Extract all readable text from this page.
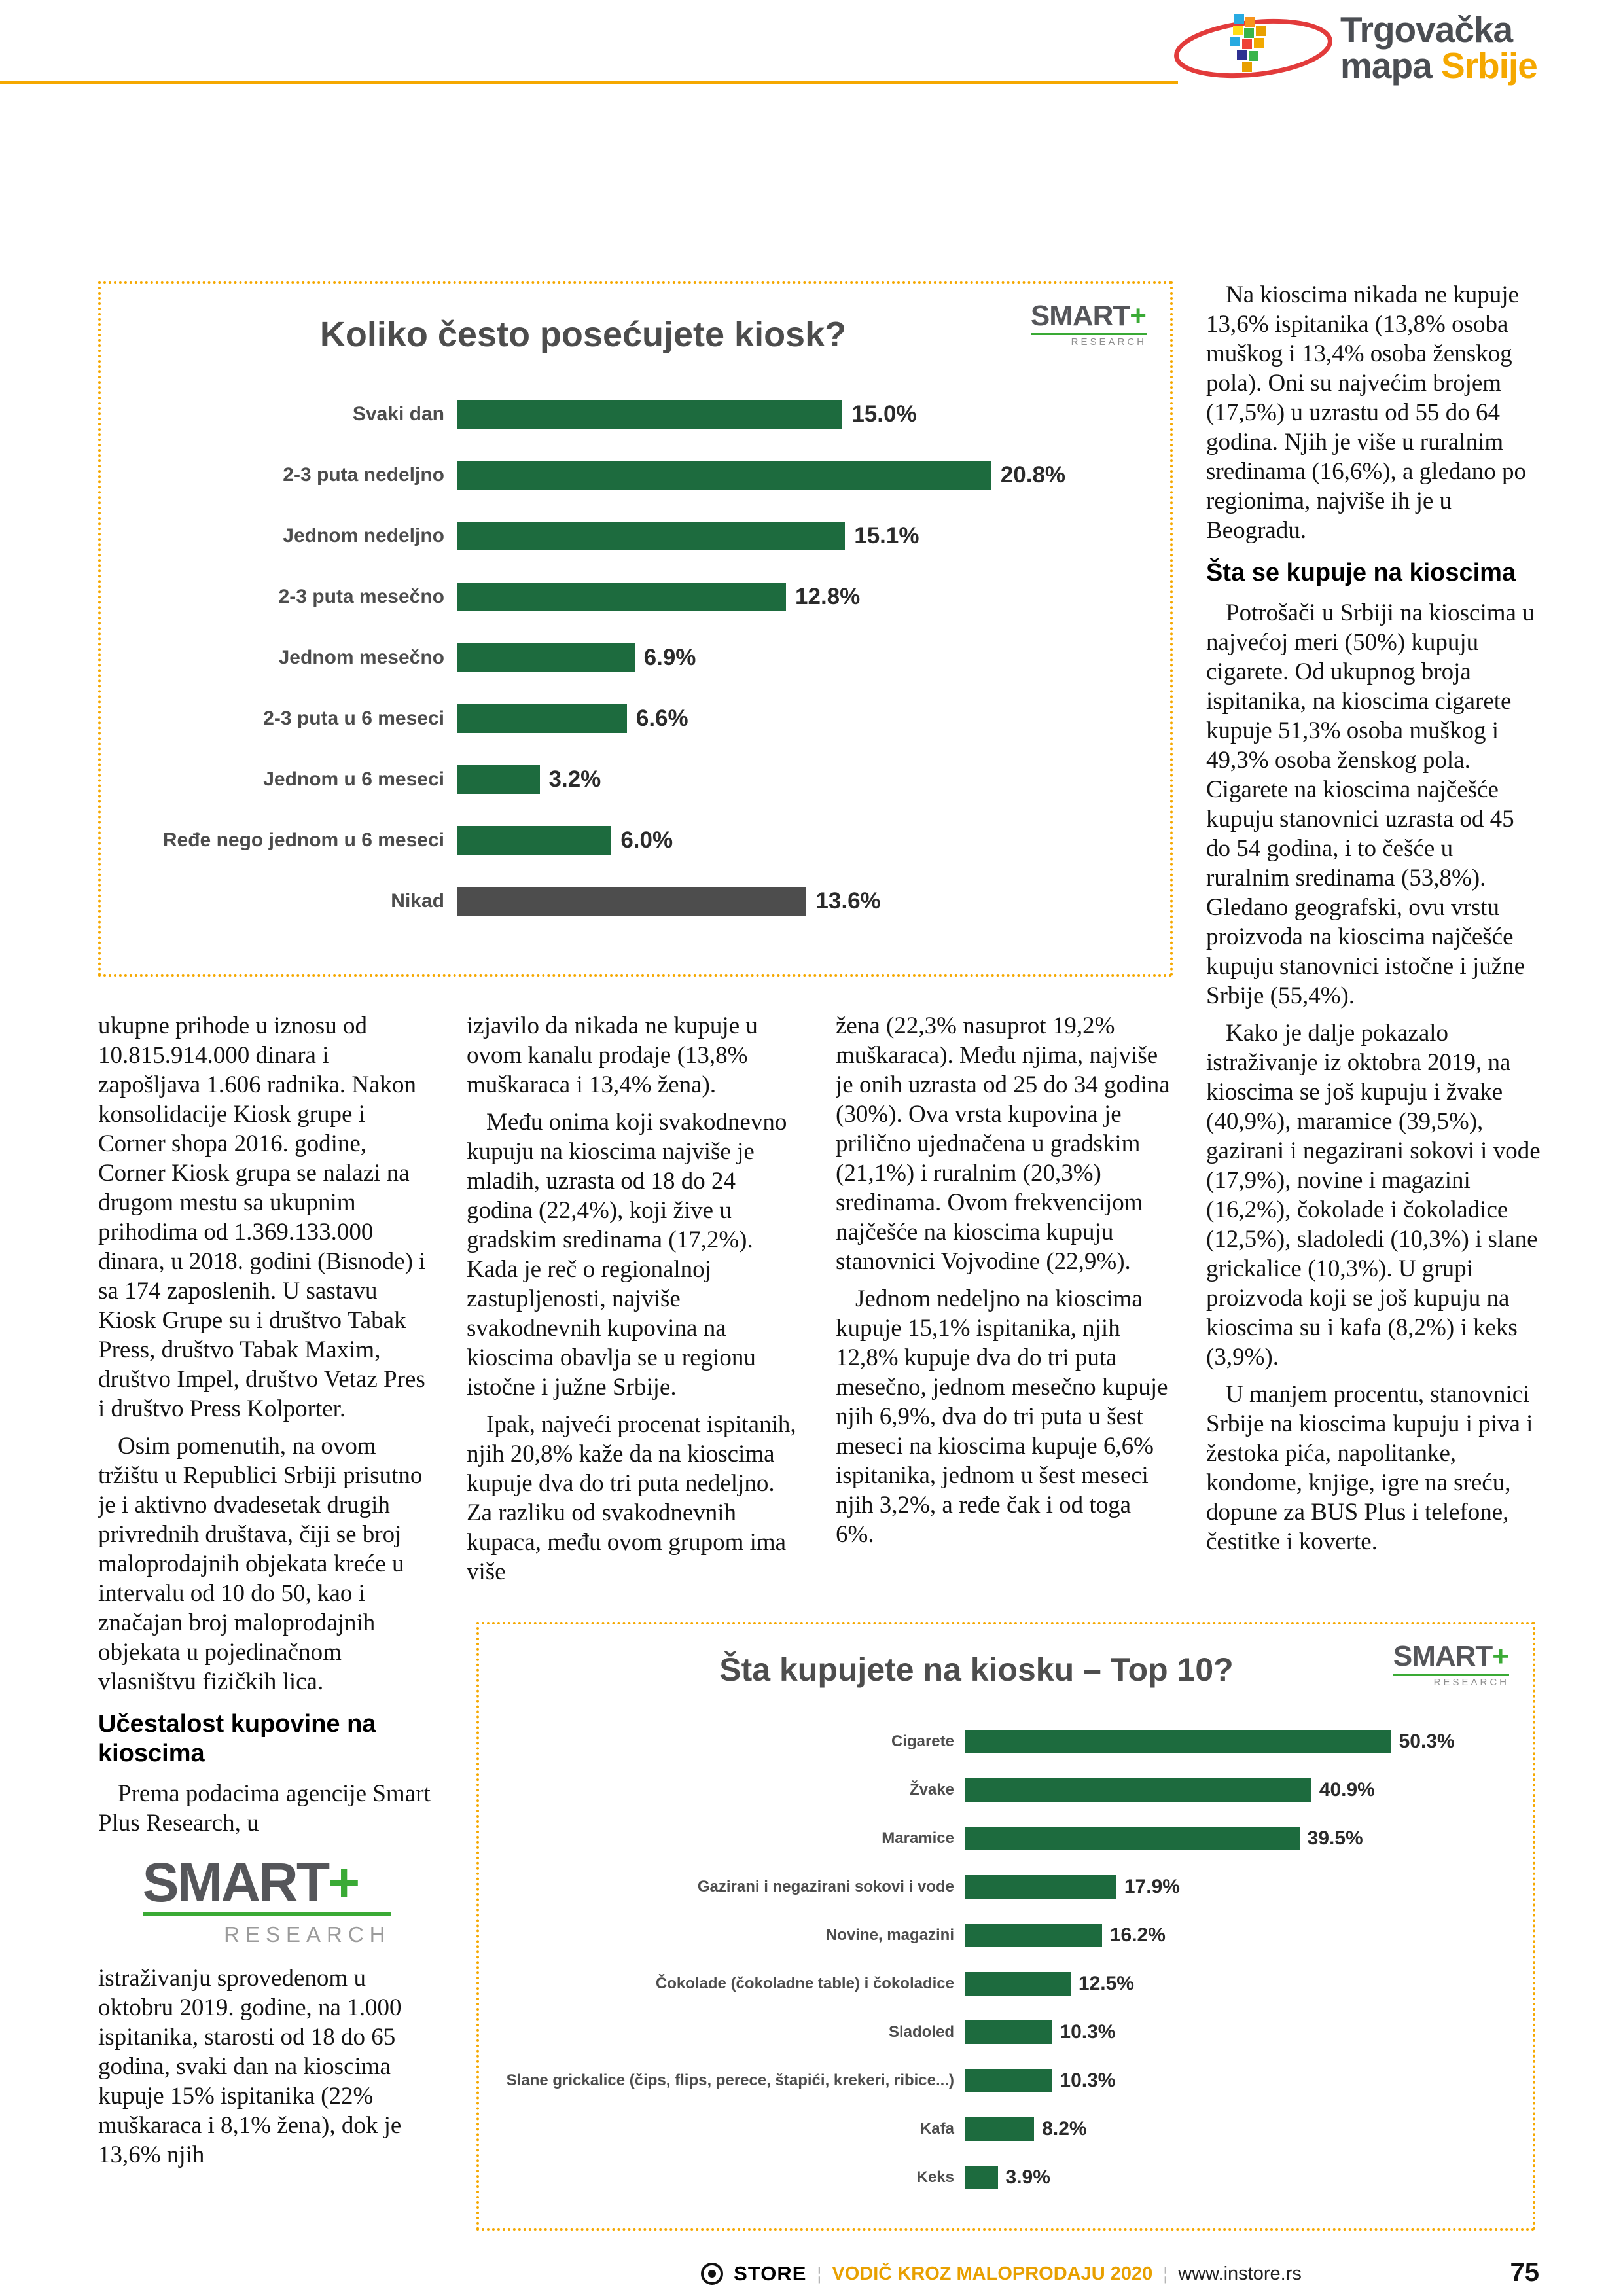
Trgovačka
mapa Srbije
SMART+
RESEARCH
Koliko često posećujete kiosk?
Svaki dan	15.0%
2-3 puta nedeljno	20.8%
Jednom nedeljno	15.1%
2-3 puta mesečno	12.8%
Jednom mesečno	6.9%
2-3 puta u 6 meseci	6.6%
Jednom u 6 meseci	3.2%
Ređe nego jednom u 6 meseci	6.0%
Nikad	13.6%

Na kioscima nikada ne kupuje 13,6% ispitanika (13,8% osoba muškog i 13,4% osoba ženskog pola). Oni su najvećim brojem (17,5%) u uzrastu od 55 do 64 godina. Njih je više u ruralnim sredinama (16,6%), a gledano po regionima, najviše ih je u Beogradu.

Šta se kupuje na kioscima

Potrošači u Srbiji na kioscima u najvećoj meri (50%) kupuju cigarete. Od ukupnog broja ispitanika, na kioscima cigarete kupuje 51,3% osoba muškog i 49,3% osoba ženskog pola. Cigarete na kioscima najčešće kupuju stanovnici uzrasta od 45 do 54 godina, i to češće u ruralnim sredinama (53,8%). Gledano geografski, ovu vrstu proizvoda na kioscima najčešće kupuju stanovnici istočne i južne Srbije (55,4%).

Kako je dalje pokazalo istraživanje iz oktobra 2019, na kioscima se još kupuju i žvake (40,9%), maramice (39,5%), gazirani i negazirani sokovi i vode (17,9%), novine i magazini (16,2%), čokolade i čokoladice (12,5%), sladoledi (10,3%) i slane grickalice (10,3%). U grupi proizvoda koji se još kupuju na kioscima su i kafa (8,2%) i keks (3,9%).

U manjem procentu, stanovnici Srbije na kioscima kupuju i piva i žestoka pića, napolitanke, kondome, knjige, igre na sreću, dopune za BUS Plus i telefone, čestitke i koverte.

ukupne prihode u iznosu od 10.815.914.000 dinara i zapošljava 1.606 radnika. Nakon konsolidacije Kiosk grupe i Corner shopa 2016. godine, Corner Kiosk grupa se nalazi na drugom mestu sa ukupnim prihodima od 1.369.133.000 dinara, u 2018. godini (Bisnode) i sa 174 zaposlenih. U sastavu Kiosk Grupe su i društvo Tabak Press, društvo Tabak Maxim, društvo Impel, društvo Vetaz Pres i društvo Press Kolporter.

Osim pomenutih, na ovom tržištu u Republici Srbiji prisutno je i aktivno dvadesetak drugih privrednih društava, čiji se broj maloprodajnih objekata kreće u intervalu od 10 do 50, kao i značajan broj maloprodajnih objekata u pojedinačnom vlasništvu fizičkih lica.

Učestalost kupovine na kioscima

Prema podacima agencije Smart Plus Research, u

SMART+
RESEARCH

istraživanju sprovedenom u oktobru 2019. godine, na 1.000 ispitanika, starosti od 18 do 65 godina, svaki dan na kioscima kupuje 15% ispitanika (22% muškaraca i 8,1% žena), dok je 13,6% njih

izjavilo da nikada ne kupuje u ovom kanalu prodaje (13,8% muškaraca i 13,4% žena).

Među onima koji svakodnevno kupuju na kioscima najviše je mladih, uzrasta od 18 do 24 godina (22,4%), koji žive u gradskim sredinama (17,2%). Kada je reč o regionalnoj zastupljenosti, najviše svakodnevnih kupovina na kioscima obavlja se u regionu istočne i južne Srbije.

Ipak, najveći procenat ispitanih, njih 20,8% kaže da na kioscima kupuje dva do tri puta nedeljno. Za razliku od svakodnevnih kupaca, među ovom grupom ima više

žena (22,3% nasuprot 19,2% muškaraca). Među njima, najviše je onih uzrasta od 25 do 34 godina (30%). Ova vrsta kupovina je prilično ujednačena u gradskim (21,1%) i ruralnim (20,3%) sredinama. Ovom frekvencijom najčešće na kioscima kupuju stanovnici Vojvodine (22,9%).

Jednom nedeljno na kioscima kupuje 15,1% ispitanika, njih 12,8% kupuje dva do tri puta mesečno, jednom mesečno kupuje njih 6,9%, dva do tri puta u šest meseci na kioscima kupuje 6,6% ispitanika, jednom u šest meseci njih 3,2%, a ređe čak i od toga 6%.

SMART+
RESEARCH
Šta kupujete na kiosku – Top 10?
Cigarete	50.3%
Žvake	40.9%
Maramice	39.5%
Gazirani i negazirani sokovi i vode	17.9%
Novine, magazini	16.2%
Čokolade (čokoladne table) i čokoladice	12.5%
Sladoled	10.3%
Slane grickalice (čips, flips, perece, štapići, krekeri, ribice...)	10.3%
Kafa	8.2%
Keks	3.9%
STORE ¦ VODIČ KROZ MALOPRODAJU 2020 ¦ www.instore.rs	75
